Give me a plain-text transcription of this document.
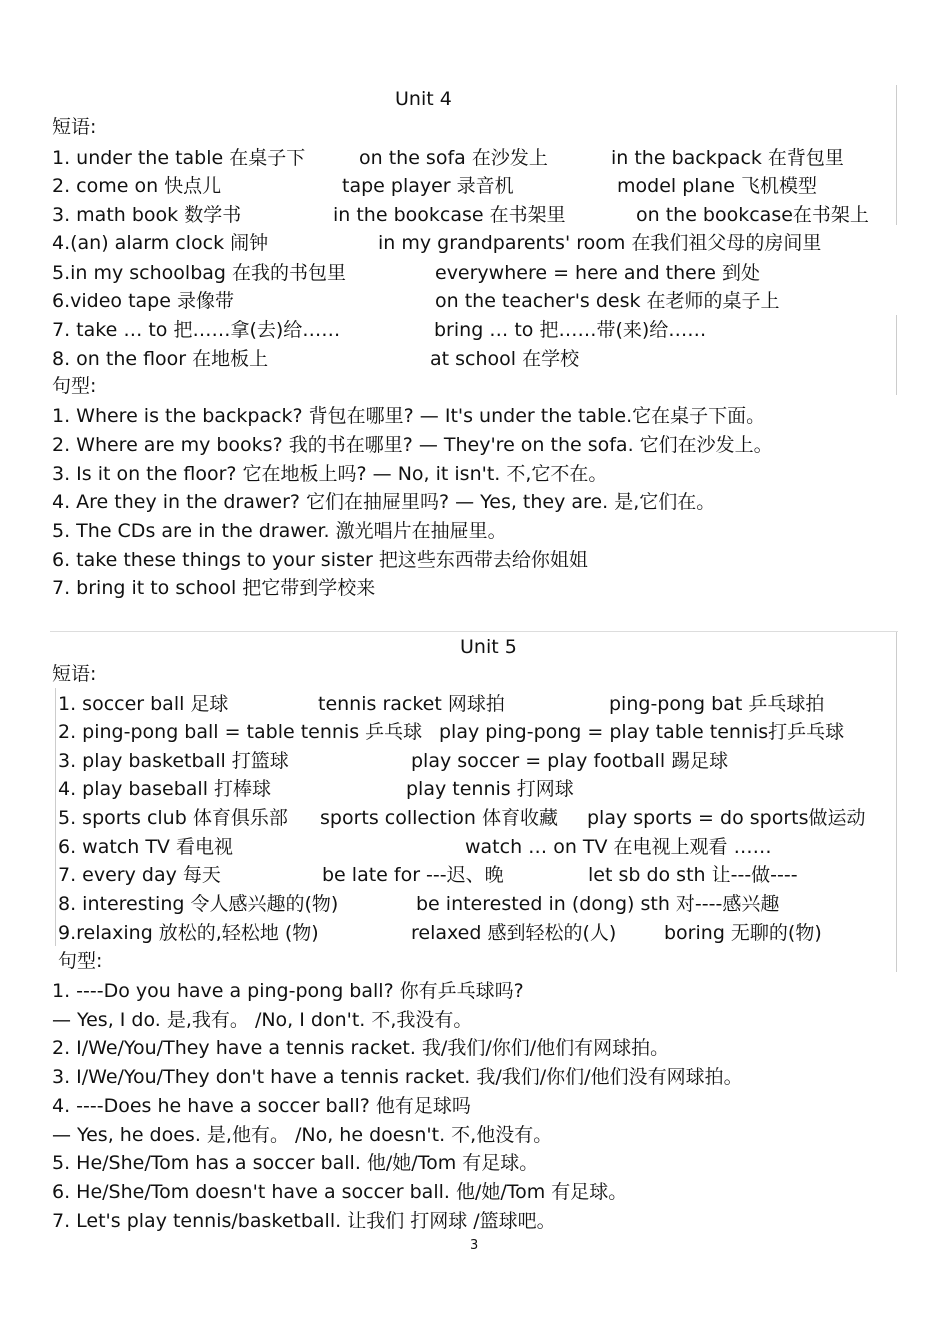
Unit 4
短语:
1. under the table 在桌子下	on the sofa 在沙发上	in the backpack 在背包里
2. come on 快点儿	tape player 录音机	model plane 飞机模型
3. math book 数学书	in the bookcase 在书架里	on the bookcase在书架上
4.(an) alarm clock 闹钟	in my grandparents' room 在我们祖父母的房间里
5.in my schoolbag 在我的书包里	everywhere = here and there 到处
6.video tape 录像带	on the teacher's desk 在老师的桌子上
7. take … to 把……拿(去)给……	bring … to 把……带(来)给……
8. on the floor 在地板上	at school 在学校
句型:
1. Where is the backpack? 背包在哪里? — It's under the table.它在桌子下面。
2. Where are my books? 我的书在哪里? — They're on the sofa. 它们在沙发上。
3. Is it on the floor? 它在地板上吗? — No, it isn't. 不,它不在。
4. Are they in the drawer? 它们在抽屉里吗? — Yes, they are. 是,它们在。
5. The CDs are in the drawer. 激光唱片在抽屉里。
6. take these things to your sister 把这些东西带去给你姐姐
7. bring it to school 把它带到学校来
Unit 5
短语:
1. soccer ball 足球	tennis racket 网球拍	ping-pong bat 乒乓球拍
2. ping-pong ball = table tennis 乒乓球 play ping-pong = play table tennis打乒乓球
3. play basketball 打篮球	play soccer = play football 踢足球
4. play baseball 打棒球	play tennis 打网球
5. sports club 体育俱乐部 sports collection 体育收藏 play sports = do sports做运动
6. watch TV 看电视	watch … on TV 在电视上观看 ……
7. every day 每天	be late for ---迟、晚	let sb do sth 让---做----
8. interesting 令人感兴趣的(物)	be interested in (dong) sth 对----感兴趣
9.relaxing 放松的,轻松地 (物)	relaxed 感到轻松的(人)	boring 无聊的(物)
句型:
1. ----Do you have a ping-pong ball? 你有乒乓球吗?
— Yes, I do. 是,我有。 /No, I don't. 不,我没有。
2. I/We/You/They have a tennis racket. 我/我们/你们/他们有网球拍。
3. I/We/You/They don't have a tennis racket. 我/我们/你们/他们没有网球拍。
4. ----Does he have a soccer ball? 他有足球吗
— Yes, he does. 是,他有。 /No, he doesn't. 不,他没有。
5. He/She/Tom has a soccer ball. 他/她/Tom 有足球。
6. He/She/Tom doesn't have a soccer ball. 他/她/Tom 有足球。
7. Let's play tennis/basketball. 让我们 打网球 /篮球吧。
3
